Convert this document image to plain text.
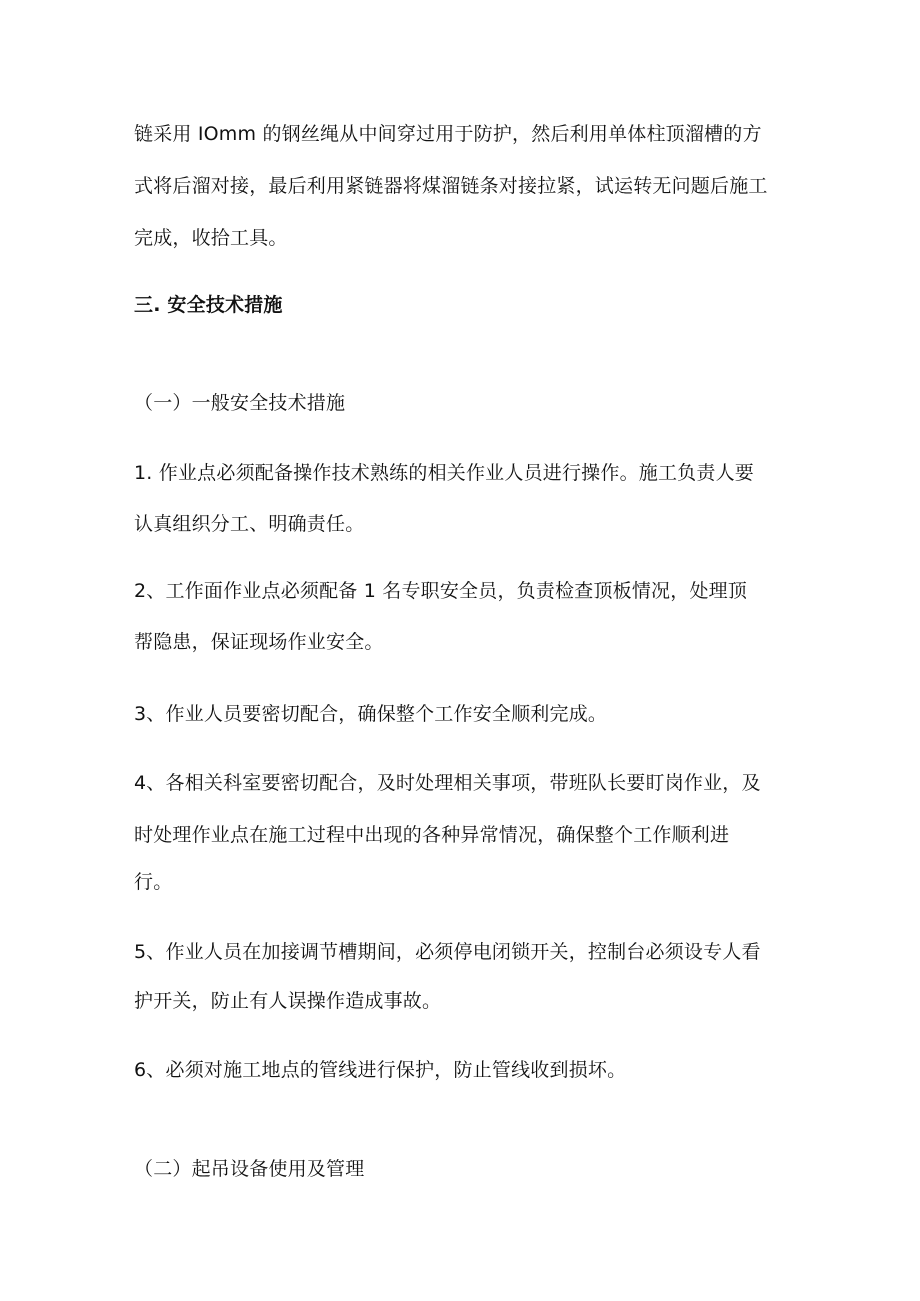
链采用 IOmm 的钢丝绳从中间穿过用于防护，然后利用单体柱顶溜槽的方
式将后溜对接，最后利用紧链器将煤溜链条对接拉紧，试运转无问题后施工
完成，收拾工具。
三. 安全技术措施
（一）一般安全技术措施
1. 作业点必须配备操作技术熟练的相关作业人员进行操作。施工负责人要
认真组织分工、明确责任。
2、工作面作业点必须配备 1 名专职安全员，负责检查顶板情况，处理顶
帮隐患，保证现场作业安全。
3、作业人员要密切配合，确保整个工作安全顺利完成。
4、各相关科室要密切配合，及时处理相关事项，带班队长要盯岗作业，及
时处理作业点在施工过程中出现的各种异常情况，确保整个工作顺利进
行。
5、作业人员在加接调节槽期间，必须停电闭锁开关，控制台必须设专人看
护开关，防止有人误操作造成事故。
6、必须对施工地点的管线进行保护，防止管线收到损坏。
（二）起吊设备使用及管理
